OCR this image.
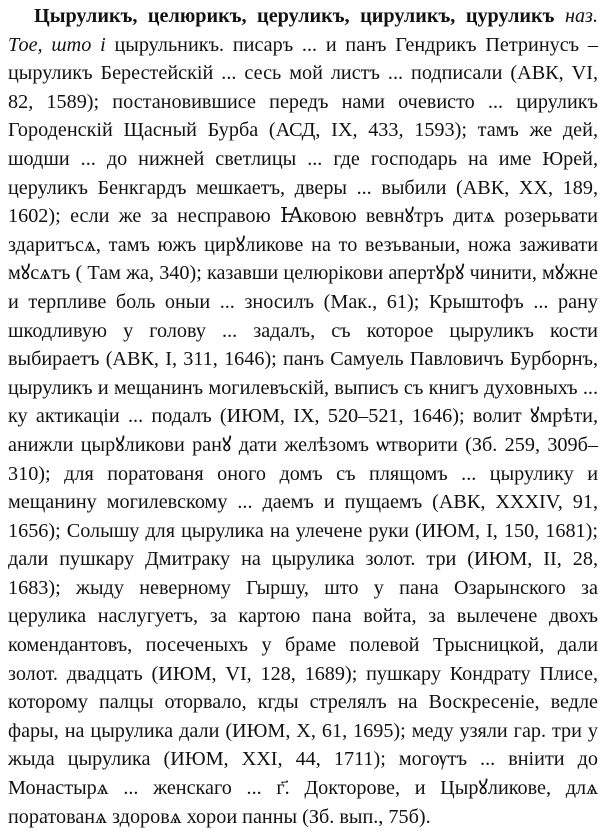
Цыруликъ, целюрикъ, церуликъ, цируликъ, цуруликъ наз. Тое, што і цырульникъ. писаръ ... и панъ Гендрикъ Петринусъ – цыруликъ Берестейскій ... сесь мой листъ ... подписали (АВК, VI, 82, 1589); постановившисе передъ нами очевисто ... цируликъ Городенскій Щасный Бурба (АСД, IX, 433, 1593); тамъ же дей, шодши ... до нижней светлицы ... где господарь на име Юрей, церуликъ Бенкгардъ мешкаетъ, дверы ... выбили (АВК, XX, 189, 1602); если же за несправою Ꙗковою вевнꙋтръ дитѧ розерьвати здаритъсѧ, тамъ южъ цирꙋликове на то везъваныи, ножа заживати мꙋсѧтъ ( Там жа, 340); казавши целюрікови апертꙋрꙋ чинити, мꙋжне и терпливе боль оныи ... зносилъ (Мак., 61); Крыштофъ ... рану шкодливую у голову ... задалъ, съ которое цыруликъ кости выбираетъ (АВК, I, 311, 1646); панъ Самуель Павловичъ Бурборнъ, цыруликъ и мещанинъ могилевъскій, выписъ съ книгъ духовныхъ ... ку актикаціи ... подалъ (ИЮМ, IX, 520–521, 1646); волит ꙋмрѣти, анижли цырꙋликови ранꙋ дати желѣзомъ ѡтворити (Зб. 259, 309б–310); для поратованя оного домъ съ плящомъ ... цырулику и мещанину могилевскому ... даемъ и пущаемъ (АВК, XXXIV, 91, 1656); Солышу для цырулика на улечене руки (ИЮМ, I, 150, 1681); дали пушкару Дмитраку на цырулика золот. три (ИЮМ, II, 28, 1683); жыду неверному Гыршу, што у пана Озарынского за церулика наслугуетъ, за картою пана войта, за вылечене двохъ комендантовъ, посеченыхъ у браме полевой Трысницкой, дали золот. двадцать (ИЮМ, VI, 128, 1689); пушкару Кондрату Плисе, которому палцы оторвало, кгды стрелялъ на Воскресеніе, ведле фары, на цырулика дали (ИЮМ, X, 61, 1695); меду узяли гар. три у жыда цырулика (ИЮМ, XXI, 44, 1711); могѹтъ ... вніити до Монастырѧ ... женскаго ... г҃. Докторове, и Цырꙋликове, длѧ поратованѧ здоровѧ хорои панны (Зб. вып., 75б).
